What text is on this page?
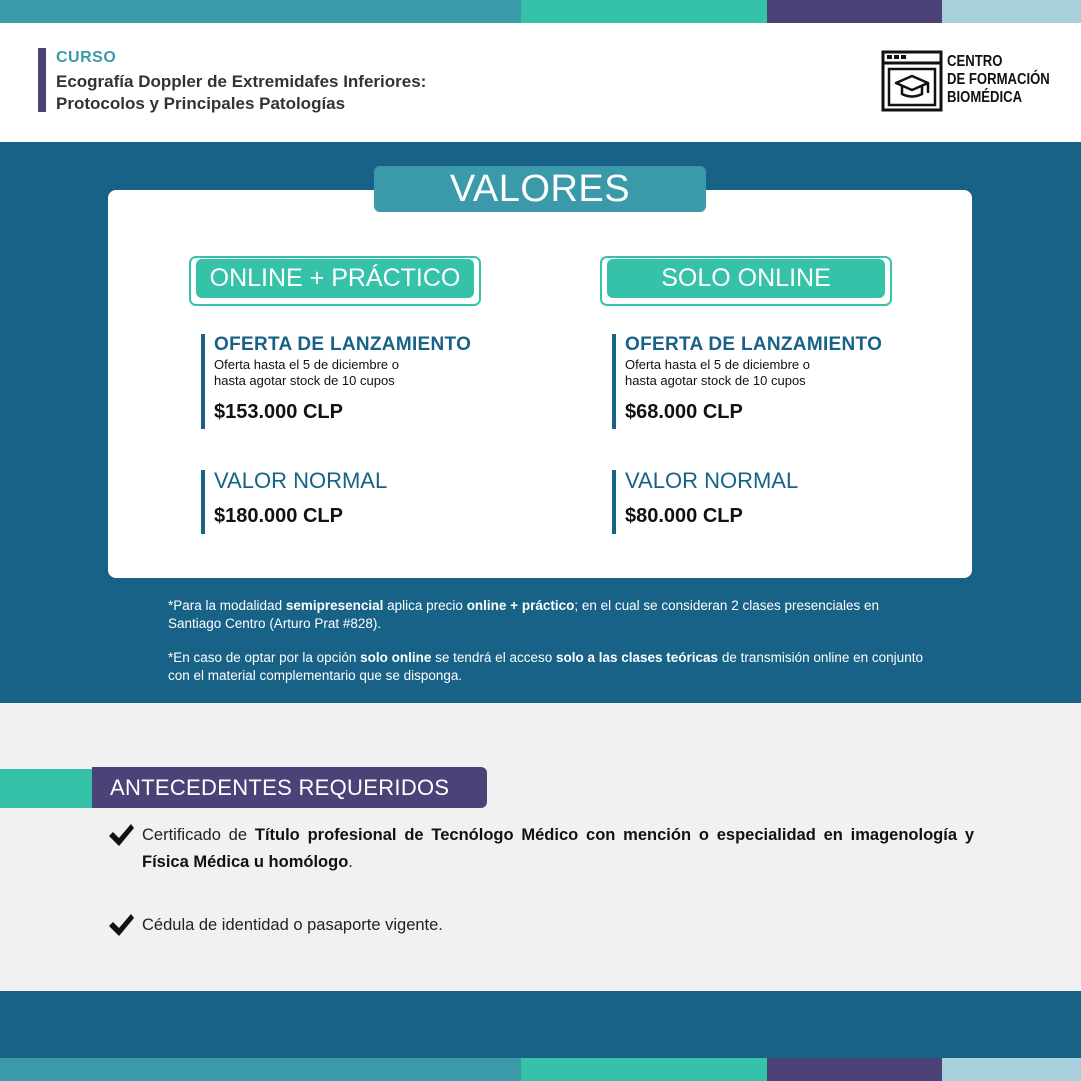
CURSO
Ecografía Doppler de Extremidafes Inferiores:
Protocolos y Principales Patologías
CENTRO
DE FORMACIÓN
BIOMÉDICA
ONLINE + PRÁCTICO	SOLO ONLINE
OFERTA DE LANZAMIENTO
Oferta hasta el 5 de diciembre o
hasta agotar stock de 10 cupos
$153.000 CLP
VALOR NORMAL
$180.000 CLP
OFERTA DE LANZAMIENTO
Oferta hasta el 5 de diciembre o
hasta agotar stock de 10 cupos
$68.000 CLP
VALOR NORMAL
$80.000 CLP
VALORES
*Para la modalidad semipresencial aplica precio online + práctico; en el cual se consideran 2 clases presenciales en Santiago Centro (Arturo Prat #828).
*En caso de optar por la opción solo online se tendrá el acceso solo a las clases teóricas de transmisión online en conjunto con el material complementario que se disponga.
ANTECEDENTES REQUERIDOS
Certificado de Título profesional de Tecnólogo Médico con mención o especialidad en imagenología y Física Médica u homólogo.
Cédula de identidad o pasaporte vigente.
